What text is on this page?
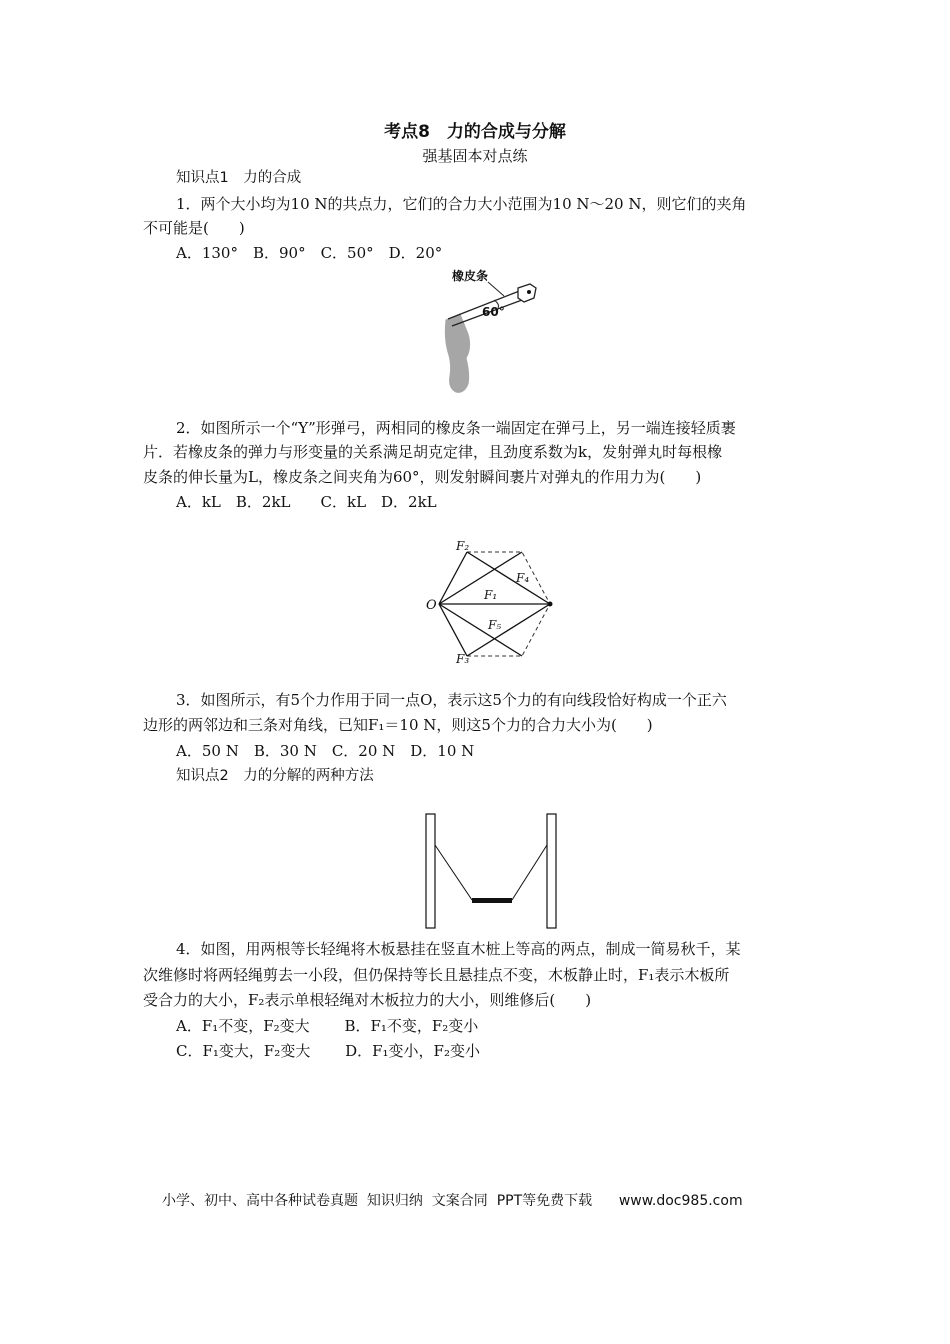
考点8　力的合成与分解
强基固本对点练
知识点1　力的合成
1．两个大小均为10 N的共点力，它们的合力大小范围为10 N～20 N，则它们的夹角
不可能是(　　)
A．130°　B．90°　C．50°　D．20°
60°
橡皮条
2．如图所示一个“Y”形弹弓，两相同的橡皮条一端固定在弹弓上，另一端连接轻质裹
片．若橡皮条的弹力与形变量的关系满足胡克定律，且劲度系数为k，发射弹丸时每根橡
皮条的伸长量为L，橡皮条之间夹角为60°，则发射瞬间裹片对弹丸的作用力为(　　)
A．kL　B．2kL　　C．kL　D．2kL
O
F₂
F₃
F₁
F₄
F₅
3．如图所示，有5个力作用于同一点O，表示这5个力的有向线段恰好构成一个正六
边形的两邻边和三条对角线，已知F₁＝10 N，则这5个力的合力大小为(　　)
A．50 N　B．30 N　C．20 N　D．10 N
知识点2　力的分解的两种方法
4．如图，用两根等长轻绳将木板悬挂在竖直木桩上等高的两点，制成一简易秋千，某
次维修时将两轻绳剪去一小段，但仍保持等长且悬挂点不变，木板静止时，F₁表示木板所
受合力的大小，F₂表示单根轻绳对木板拉力的大小，则维修后(　　)
A．F₁不变，F₂变大　　 B．F₁不变，F₂变小
C．F₁变大，F₂变大　　 D．F₁变小，F₂变小
小学、初中、高中各种试卷真题  知识归纳  文案合同  PPT等免费下载 www.doc985.com
